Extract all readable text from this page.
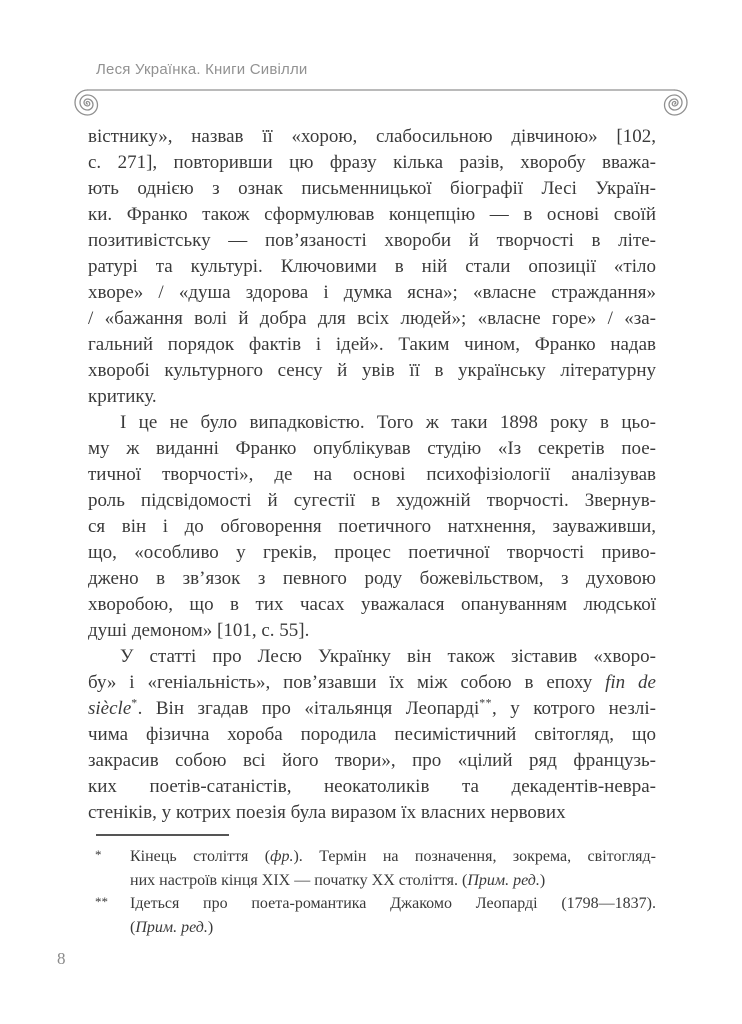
Леся Українка. Книги Сивілли
вістнику», назвав її «хорою, слабосильною дівчиною» [102,
с. 271], повторивши цю фразу кілька разів, хворобу вважа-
ють однією з ознак письменницької біографії Лесі Україн-
ки. Франко також сформулював концепцію — в основі своїй
позитивістську — пов’язаності хвороби й творчості в літе-
ратурі та культурі. Ключовими в ній стали опозиції «тіло
хворе» / «душа здорова і думка ясна»; «власне страждання»
/ «бажання волі й добра для всіх людей»; «власне горе» / «за-
гальний порядок фактів і ідей». Таким чином, Франко надав
хворобі культурного сенсу й увів її в українську літературну
критику.
І це не було випадковістю. Того ж таки 1898 року в цьо-
му ж виданні Франко опублікував студію «Із секретів пое-
тичної творчості», де на основі психофізіології аналізував
роль підсвідомості й сугестії в художній творчості. Звернув-
ся він і до обговорення поетичного натхнення, зауваживши,
що, «особливо у греків, процес поетичної творчості приво-
джено в зв’язок з певного роду божевільством, з духовою
хворобою, що в тих часах уважалася опануванням людської
душі демоном» [101, с. 55].
У статті про Лесю Українку він також зіставив «хворо-
бу» і «геніальність», пов’язавши їх між собою в епоху fin de
siècle*. Він згадав про «італьянця Леопарді**, у котрого незлі-
чима фізична хороба породила песимістичний світогляд, що
закрасив собою всі його твори», про «цілий ряд французь-
ких поетів-сатаністів, неокатоликів та декадентів-невра-
стеніків, у котрих поезія була виразом їх власних нервових
* Кінець століття (фр.). Термін на позначення, зокрема, світогляд-
них настроїв кінця XIX — початку XX століття. (Прим. ред.)
** Ідеться про поета-романтика Джакомо Леопарді (1798—1837).
(Прим. ред.)
8
